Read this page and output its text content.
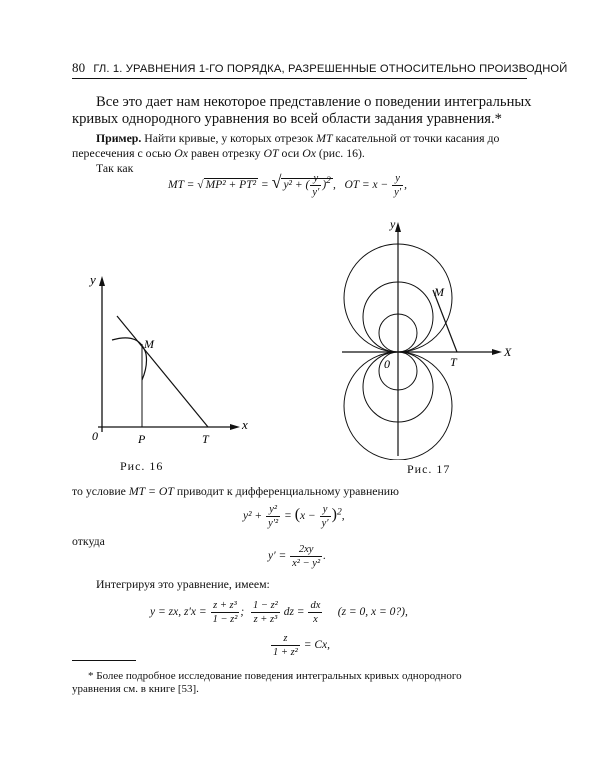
80 ГЛ. 1. УРАВНЕНИЯ 1-ГО ПОРЯДКА, РАЗРЕШЕННЫЕ ОТНОСИТЕЛЬНО ПРОИЗВОДНОЙ
Все это дает нам некоторое представление о поведении интегральных
кривых однородного уравнения во всей области задания уравнения.*
Пример. Найти кривые, у которых отрезок MT касательной от точки касания до
пересечения с осью Ox равен отрезку OT оси Ox (рис. 16).
Так как
MT = √ MP² + PT² = √ y² + ( $\frac{y}{y'} )^2$ ,   OT = $x - \frac{y}{y'}$ ,
y
x
0	P	T
M
Рис. 16
y
X
0	T
M
Рис. 17
то условие MT = OT приводит к дифференциальному уравнению
$y^2 + \frac{\text{y²}}{\text{y′²}} = (x - \frac{y}{y'} )^2$,
откуда
$y' = \frac{2xy}{\text{x² − y²}}$ .
Интегрируя это уравнение, имеем:
y = zx, $z'x = \frac{\text{z + z³}}{\text{1 − z²}}$ ; $\frac{\text{1 − z²}}{\text{z + z³}}$ dz = $\frac{dx}{x} (z = 0$, x = 0?),
$\frac{z}{\text{1 + z²}} = Cx$,
* Более подробное исследование поведения интегральных кривых однородного
уравнения см. в книге [53].
